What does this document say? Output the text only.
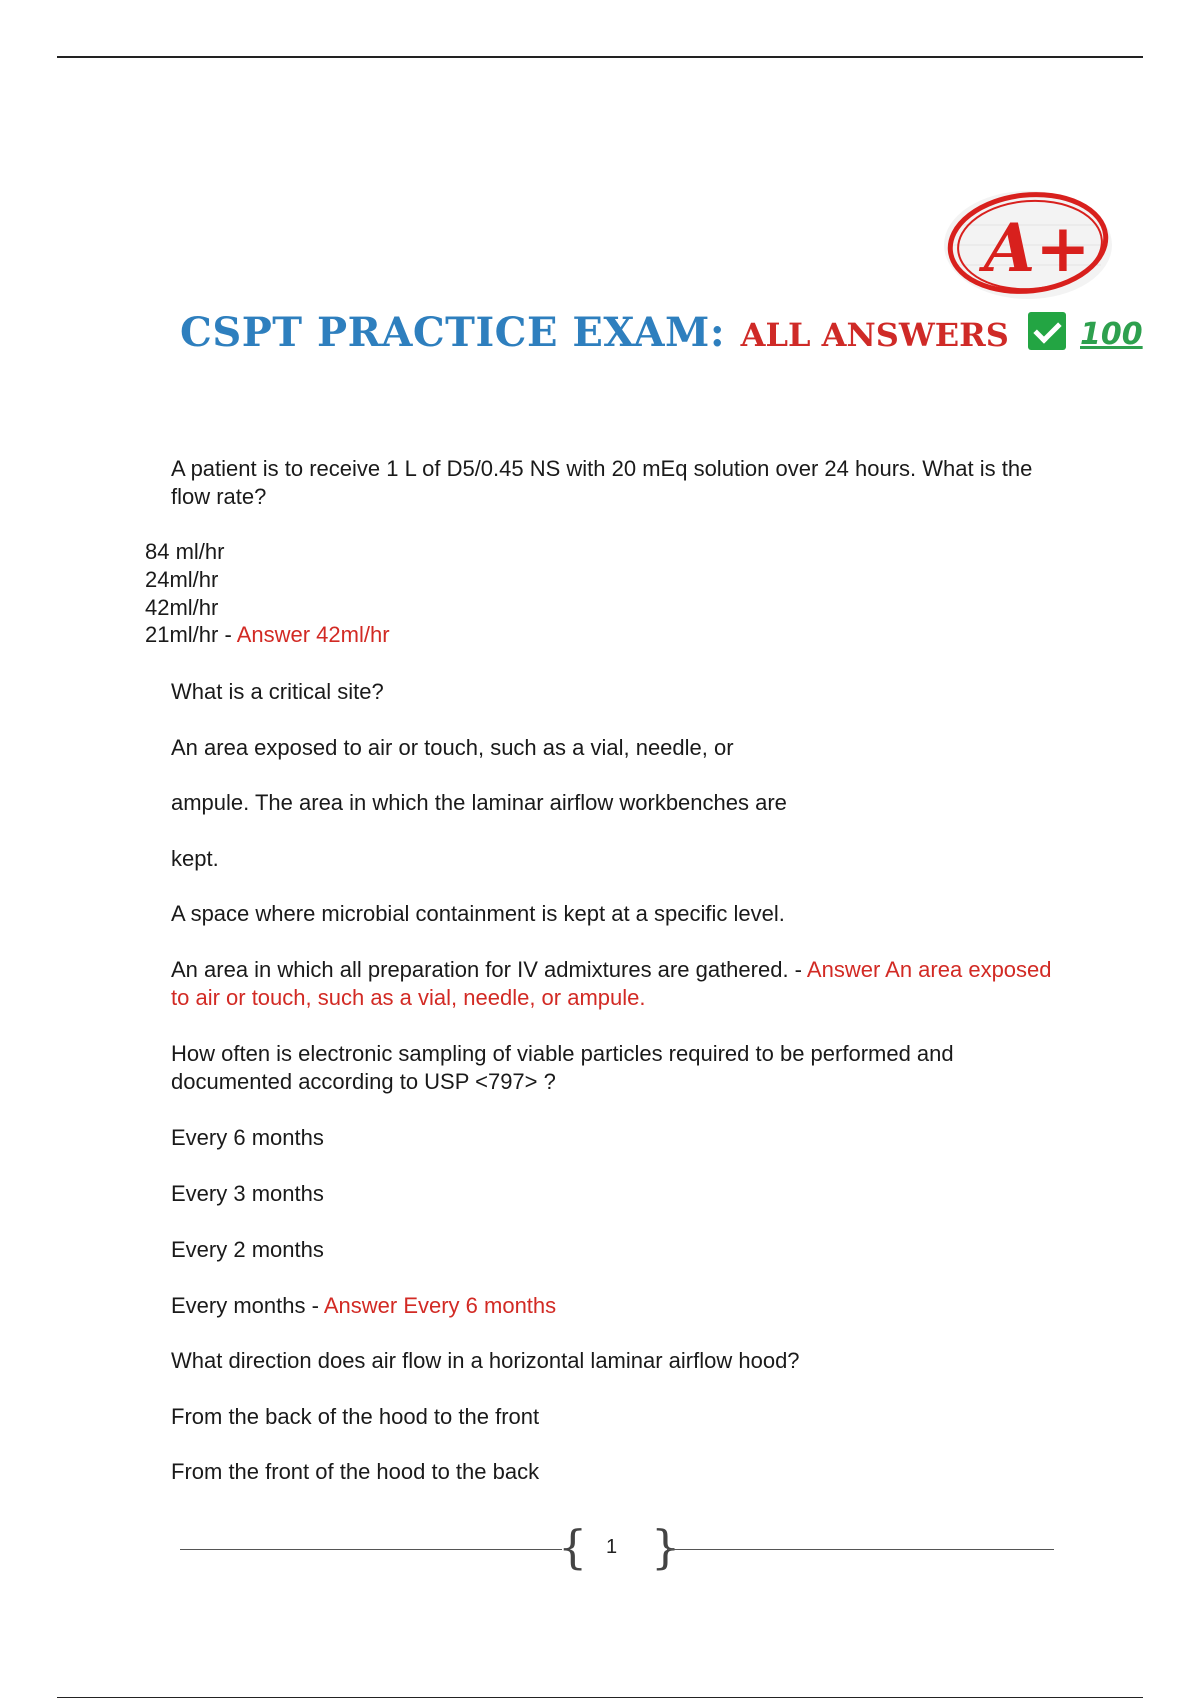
A+
CSPT PRACTICE EXAM: ALL ANSWERS 100

A patient is to receive 1 L of D5/0.45 NS with 20 mEq solution over 24 hours. What is the flow rate?

84 ml/hr

24ml/hr

42ml/hr

21ml/hr - Answer 42ml/hr

What is a critical site?

An area exposed to air or touch, such as a vial, needle, or

ampule. The area in which the laminar airflow workbenches are

kept.

A space where microbial containment is kept at a specific level.

An area in which all preparation for IV admixtures are gathered. - Answer An area exposed to air or touch, such as a vial, needle, or ampule.

How often is electronic sampling of viable particles required to be performed and documented according to USP <797> ?

Every 6 months

Every 3 months

Every 2 months

Every months - Answer Every 6 months

What direction does air flow in a horizontal laminar airflow hood?

From the back of the hood to the front

From the front of the hood to the back

{ 1 }
